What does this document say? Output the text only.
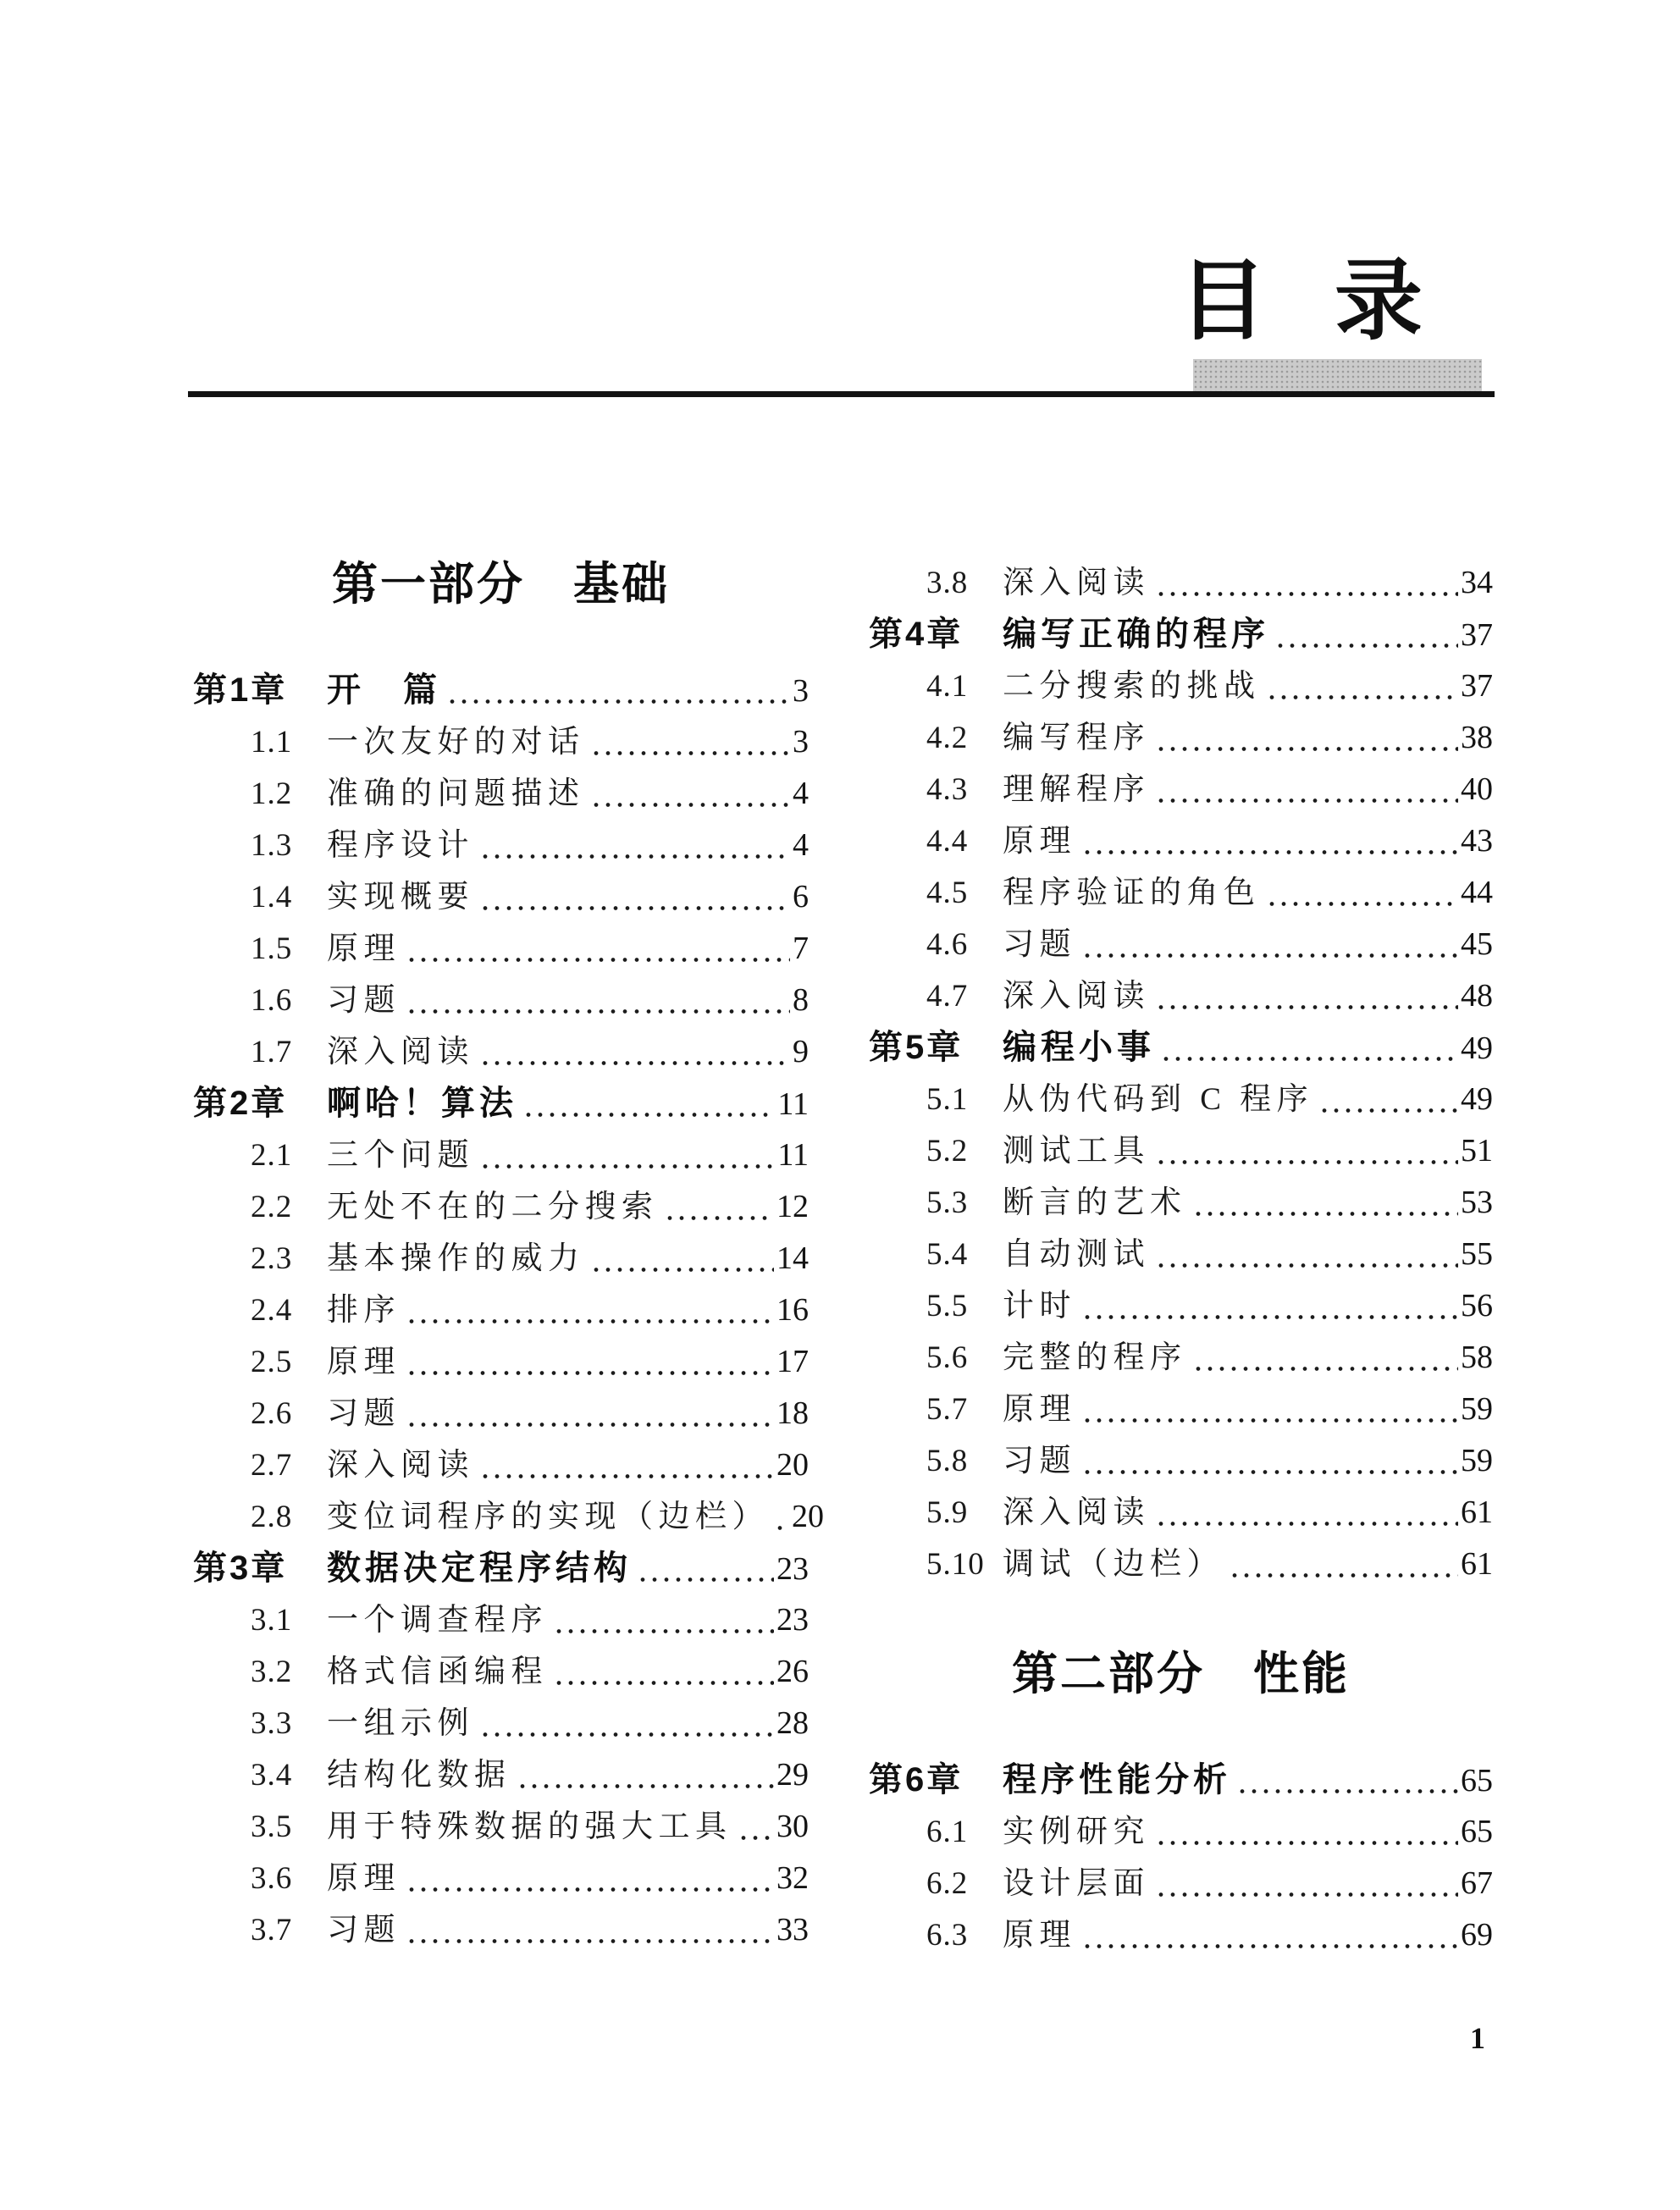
目 录
第一部分　基础
第1章	开　篇	3
1.1	一次友好的对话	3
1.2	准确的问题描述	4
1.3	程序设计	4
1.4	实现概要	6
1.5	原理	7
1.6	习题	8
1.7	深入阅读	9
第2章	啊哈！算法	11
2.1	三个问题	11
2.2	无处不在的二分搜索	12
2.3	基本操作的威力	14
2.4	排序	16
2.5	原理	17
2.6	习题	18
2.7	深入阅读	20
2.8	变位词程序的实现（边栏） 20
第3章	数据决定程序结构	23
3.1	一个调查程序	23
3.2	格式信函编程	26
3.3	一组示例	28
3.4	结构化数据	29
3.5	用于特殊数据的强大工具 30
3.6	原理	32
3.7	习题	33
3.8	深入阅读	34
第4章	编写正确的程序	37
4.1	二分搜索的挑战	37
4.2	编写程序	38
4.3	理解程序	40
4.4	原理	43
4.5	程序验证的角色	44
4.6	习题	45
4.7	深入阅读	48
第5章	编程小事	49
5.1	从伪代码到 C 程序	49
5.2	测试工具	51
5.3	断言的艺术	53
5.4	自动测试	55
5.5	计时	56
5.6	完整的程序	58
5.7	原理	59
5.8	习题	59
5.9	深入阅读	61
5.10 调试（边栏）	61
第二部分　性能
第6章	程序性能分析	65
6.1	实例研究	65
6.2	设计层面	67
6.3	原理	69
1
